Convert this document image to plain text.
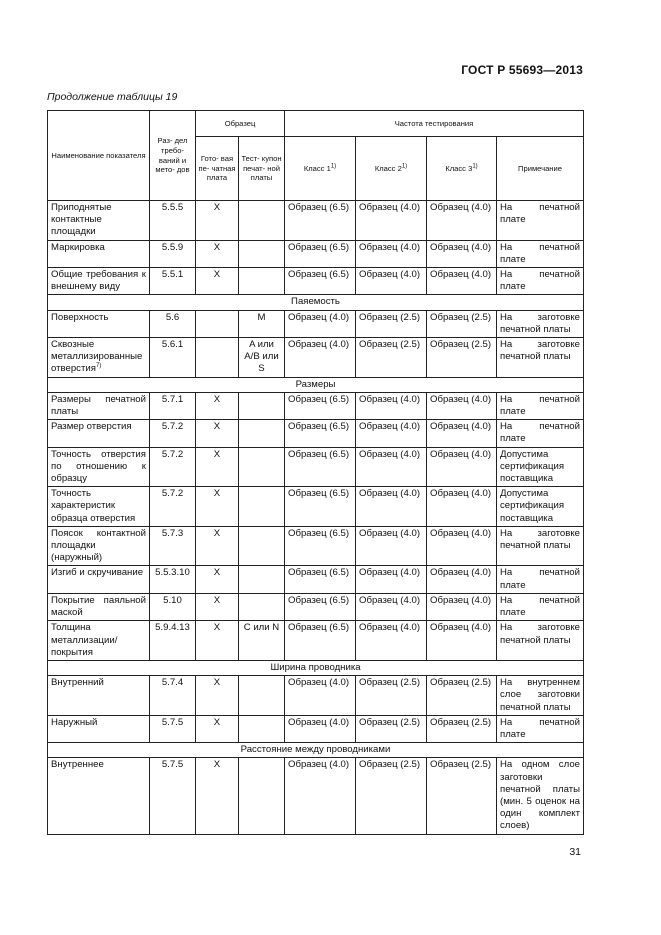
ГОСТ Р 55693—2013
Продолжение таблицы 19
Наименование показателя	Раз- дел требо- ваний и мето- дов	Образец		Частота тестирования			
		Гото- вая пе- чатная плата	Тест- купон печат- ной платы	Класс 1$^{1)}$	Класс 2$^{1)}$	Класс 3$^{1)}$	Примечание
Приподнятые контактные площадки	5.5.5	X		Образец (6.5)	Образец (4.0)	Образец (4.0)	На печатной плате
Маркировка	5.5.9	X		Образец (6.5)	Образец (4.0)	Образец (4.0)	На печатной плате
Общие требования к внешнему виду	5.5.1	X		Образец (6.5)	Образец (4.0)	Образец (4.0)	На печатной плате
Паяемость							
Поверхность	5.6		M	Образец (4.0)	Образец (2.5)	Образец (2.5)	На заготовке печатной платы
Сквозные металлизированные отверстия$^{7)}$	5.6.1		A или A/B или S	Образец (4.0)	Образец (2.5)	Образец (2.5)	На заготовке печатной платы
Размеры							
Размеры печатной платы	5.7.1	X		Образец (6.5)	Образец (4.0)	Образец (4.0)	На печатной плате
Размер отверстия	5.7.2	X		Образец (6.5)	Образец (4.0)	Образец (4.0)	На печатной плате
Точность отверстия по отношению к образцу	5.7.2	X		Образец (6.5)	Образец (4.0)	Образец (4.0)	Допустима сертификация поставщика
Точность характеристик образца отверстия	5.7.2	X		Образец (6.5)	Образец (4.0)	Образец (4.0)	Допустима сертификация поставщика
Поясок контактной площадки (наружный)	5.7.3	X		Образец (6.5)	Образец (4.0)	Образец (4.0)	На заготовке печатной платы
Изгиб и скручивание	5.5.3.10	X		Образец (6.5)	Образец (4.0)	Образец (4.0)	На печатной плате
Покрытие паяльной маской	5.10	X		Образец (6.5)	Образец (4.0)	Образец (4.0)	На печатной плате
Толщина металлизации/покрытия	5.9.4.13	X	C или N	Образец (6.5)	Образец (4.0)	Образец (4.0)	На заготовке печатной платы
Ширина проводника							
Внутренний	5.7.4	X		Образец (4.0)	Образец (2.5)	Образец (2.5)	На внутреннем слое заготовки печатной платы
Наружный	5.7.5	X		Образец (4.0)	Образец (2.5)	Образец (2.5)	На печатной плате
Расстояние между проводниками							
Внутреннее	5.7.5	X		Образец (4.0)	Образец (2.5)	Образец (2.5)	На одном слое заготовки печатной платы (мин. 5 оценок на один комплект слоев)
31
